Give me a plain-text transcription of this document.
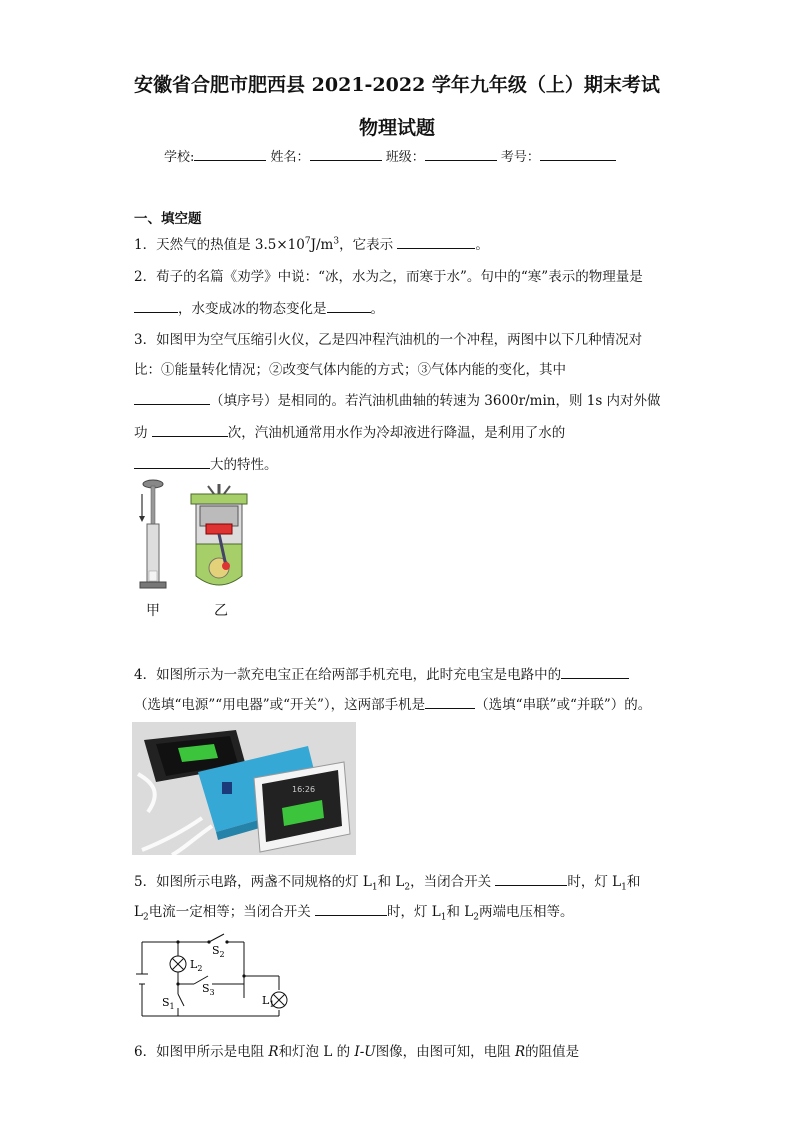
安徽省合肥市肥西县 2021-2022 学年九年级（上）期末考试
物理试题
学校:	姓名：	班级：	考号：
一、填空题
1．天然气的热值是 $3.5\times 10^7J/m^3$，它表示	。
2．荀子的名篇《劝学》中说：“冰，水为之，而寒于水”。句中的“寒”表示的物理量是
，水变成冰的物态变化是	。
3．如图甲为空气压缩引火仪，乙是四冲程汽油机的一个冲程，两图中以下几种情况对
比：①能量转化情况；②改变气体内能的方式；③气体内能的变化，其中
（填序号）是相同的。若汽油机曲轴的转速为 3600r/min，则 1s 内对外做
功	次，汽油机通常用水作为冷却液进行降温，是利用了水的
大的特性。
甲	乙
4．如图所示为一款充电宝正在给两部手机充电，此时充电宝是电路中的
（选填“电源”“用电器”或“开关”），这两部手机是	（选填“串联”或“并联”）的。
16:26
5．如图所示电路，两盏不同规格的灯 $L_1$和 $L_2$，当闭合开关	时，灯 $L_1$和
$L_2$电流一定相等；当闭合开关	时，灯 $L_1$和 $L_2$两端电压相等。
$S_2$
$L_2$
$S_3$
$S_1$	$L_1$
6．如图甲所示是电阻 R和灯泡 L 的 I-U图像，由图可知，电阻 R的阻值是
